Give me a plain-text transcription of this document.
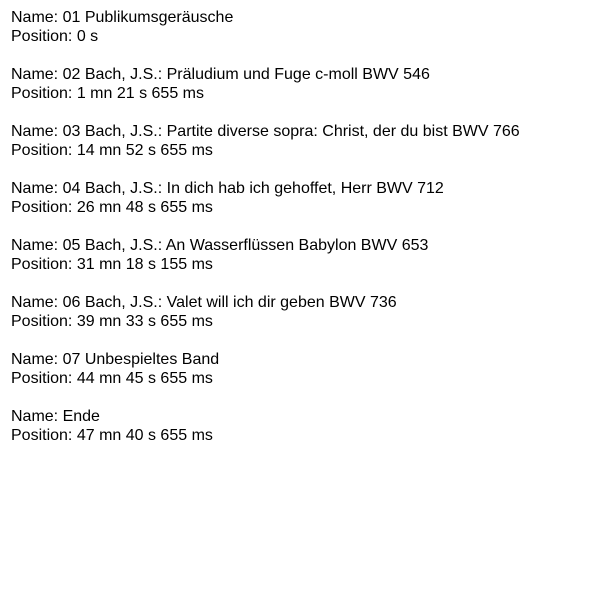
Name: 01 Publikumsgeräusche
Position: 0 s
Name: 02 Bach, J.S.: Präludium und Fuge c-moll BWV 546
Position: 1 mn 21 s 655 ms
Name: 03 Bach, J.S.: Partite diverse sopra: Christ, der du bist BWV 766
Position: 14 mn 52 s 655 ms
Name: 04 Bach, J.S.: In dich hab ich gehoffet, Herr BWV 712
Position: 26 mn 48 s 655 ms
Name: 05 Bach, J.S.: An Wasserflüssen Babylon BWV 653
Position: 31 mn 18 s 155 ms
Name: 06 Bach, J.S.: Valet will ich dir geben BWV 736
Position: 39 mn 33 s 655 ms
Name: 07 Unbespieltes Band
Position: 44 mn 45 s 655 ms
Name: Ende
Position: 47 mn 40 s 655 ms
